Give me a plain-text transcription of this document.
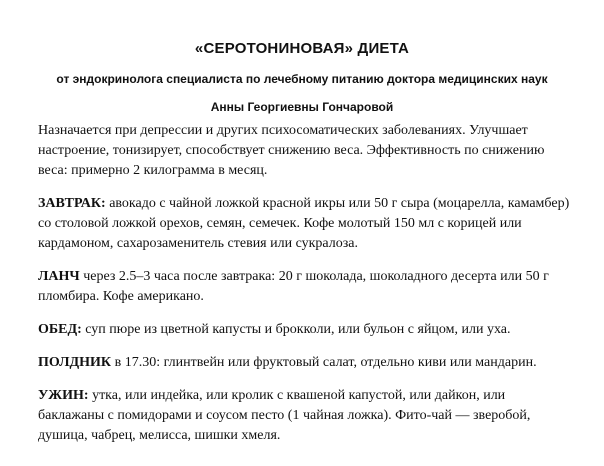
«СЕРОТОНИНОВАЯ» ДИЕТА

от эндокринолога специалиста по лечебному питанию доктора медицинских наук

Анны Георгиевны Гончаровой

Назначается при депрессии и других психосоматических заболеваниях. Улучшает настроение, тонизирует, способствует снижению веса. Эффективность по снижению веса: примерно 2 килограмма в месяц.

ЗАВТРАК: авокадо с чайной ложкой красной икры или 50 г сыра (моцарелла, камамбер) со столовой ложкой орехов, семян, семечек. Кофе молотый 150 мл с корицей или кардамоном, сахарозаменитель стевия или сукралоза.

ЛАНЧ через 2.5–3 часа после завтрака: 20 г шоколада, шоколадного десерта или 50 г пломбира. Кофе американо.

ОБЕД: суп пюре из цветной капусты и брокколи, или бульон с яйцом, или уха.

ПОЛДНИК в 17.30: глинтвейн или фруктовый салат, отдельно киви или мандарин.

УЖИН: утка, или индейка, или кролик с квашеной капустой, или дайкон, или баклажаны с помидорами и соусом песто (1 чайная ложка). Фито-чай — зверобой, душица, чабрец, мелисса, шишки хмеля.
